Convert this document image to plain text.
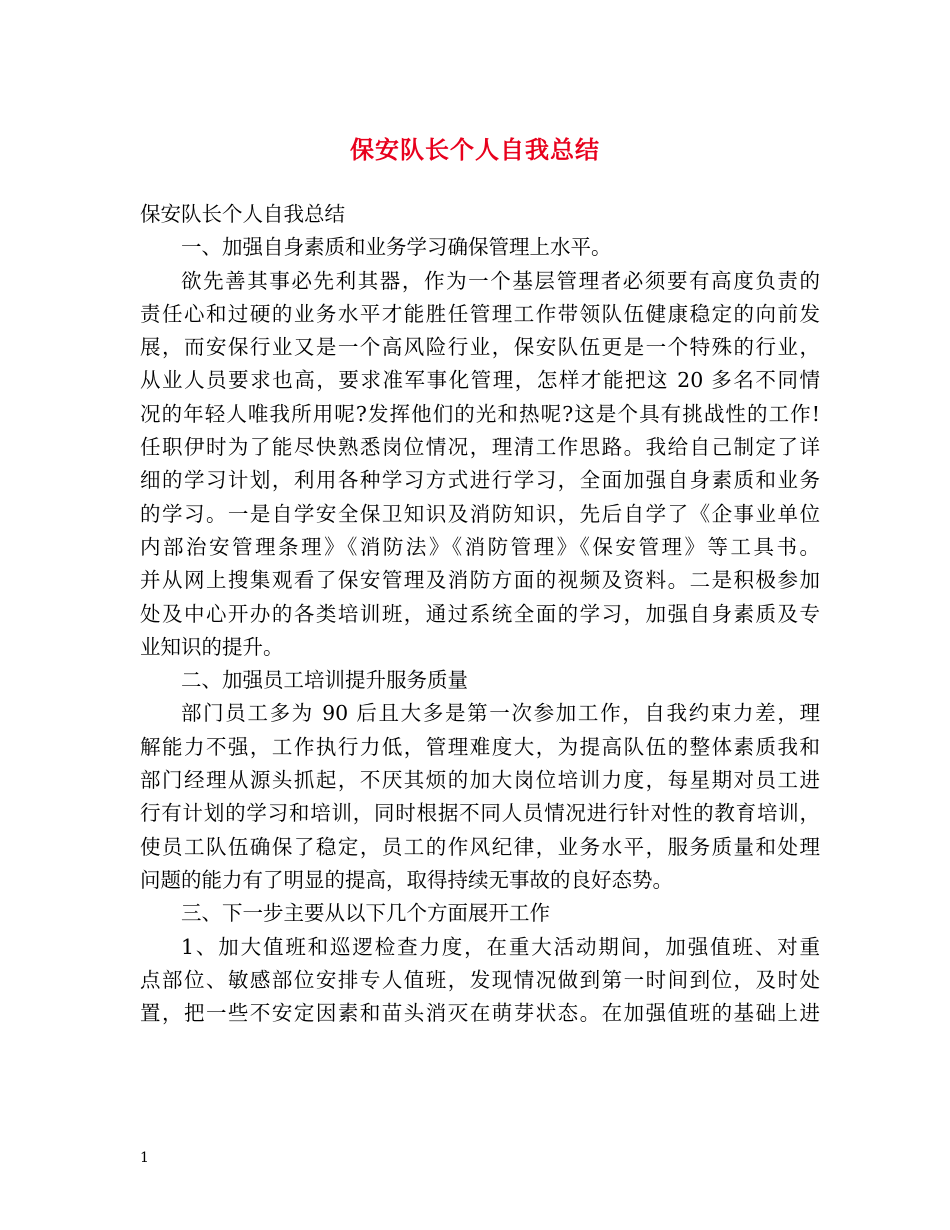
保安队长个人自我总结
保安队长个人自我总结
一、加强自身素质和业务学习确保管理上水平。
欲先善其事必先利其器，作为一个基层管理者必须要有高度负责的
责任心和过硬的业务水平才能胜任管理工作带领队伍健康稳定的向前发
展，而安保行业又是一个高风险行业，保安队伍更是一个特殊的行业，
从业人员要求也高，要求准军事化管理，怎样才能把这 20 多名不同情
况的年轻人唯我所用呢?发挥他们的光和热呢?这是个具有挑战性的工作!
任职伊时为了能尽快熟悉岗位情况，理清工作思路。我给自己制定了详
细的学习计划，利用各种学习方式进行学习，全面加强自身素质和业务
的学习。一是自学安全保卫知识及消防知识，先后自学了《企事业单位
内部治安管理条理》《消防法》《消防管理》《保安管理》等工具书。
并从网上搜集观看了保安管理及消防方面的视频及资料。二是积极参加
处及中心开办的各类培训班，通过系统全面的学习，加强自身素质及专
业知识的提升。
二、加强员工培训提升服务质量
部门员工多为 90 后且大多是第一次参加工作，自我约束力差，理
解能力不强，工作执行力低，管理难度大，为提高队伍的整体素质我和
部门经理从源头抓起，不厌其烦的加大岗位培训力度，每星期对员工进
行有计划的学习和培训，同时根据不同人员情况进行针对性的教育培训，
使员工队伍确保了稳定，员工的作风纪律，业务水平，服务质量和处理
问题的能力有了明显的提高，取得持续无事故的良好态势。
三、下一步主要从以下几个方面展开工作
1、加大值班和巡逻检查力度，在重大活动期间，加强值班、对重
点部位、敏感部位安排专人值班，发现情况做到第一时间到位，及时处
置，把一些不安定因素和苗头消灭在萌芽状态。在加强值班的基础上进
1
